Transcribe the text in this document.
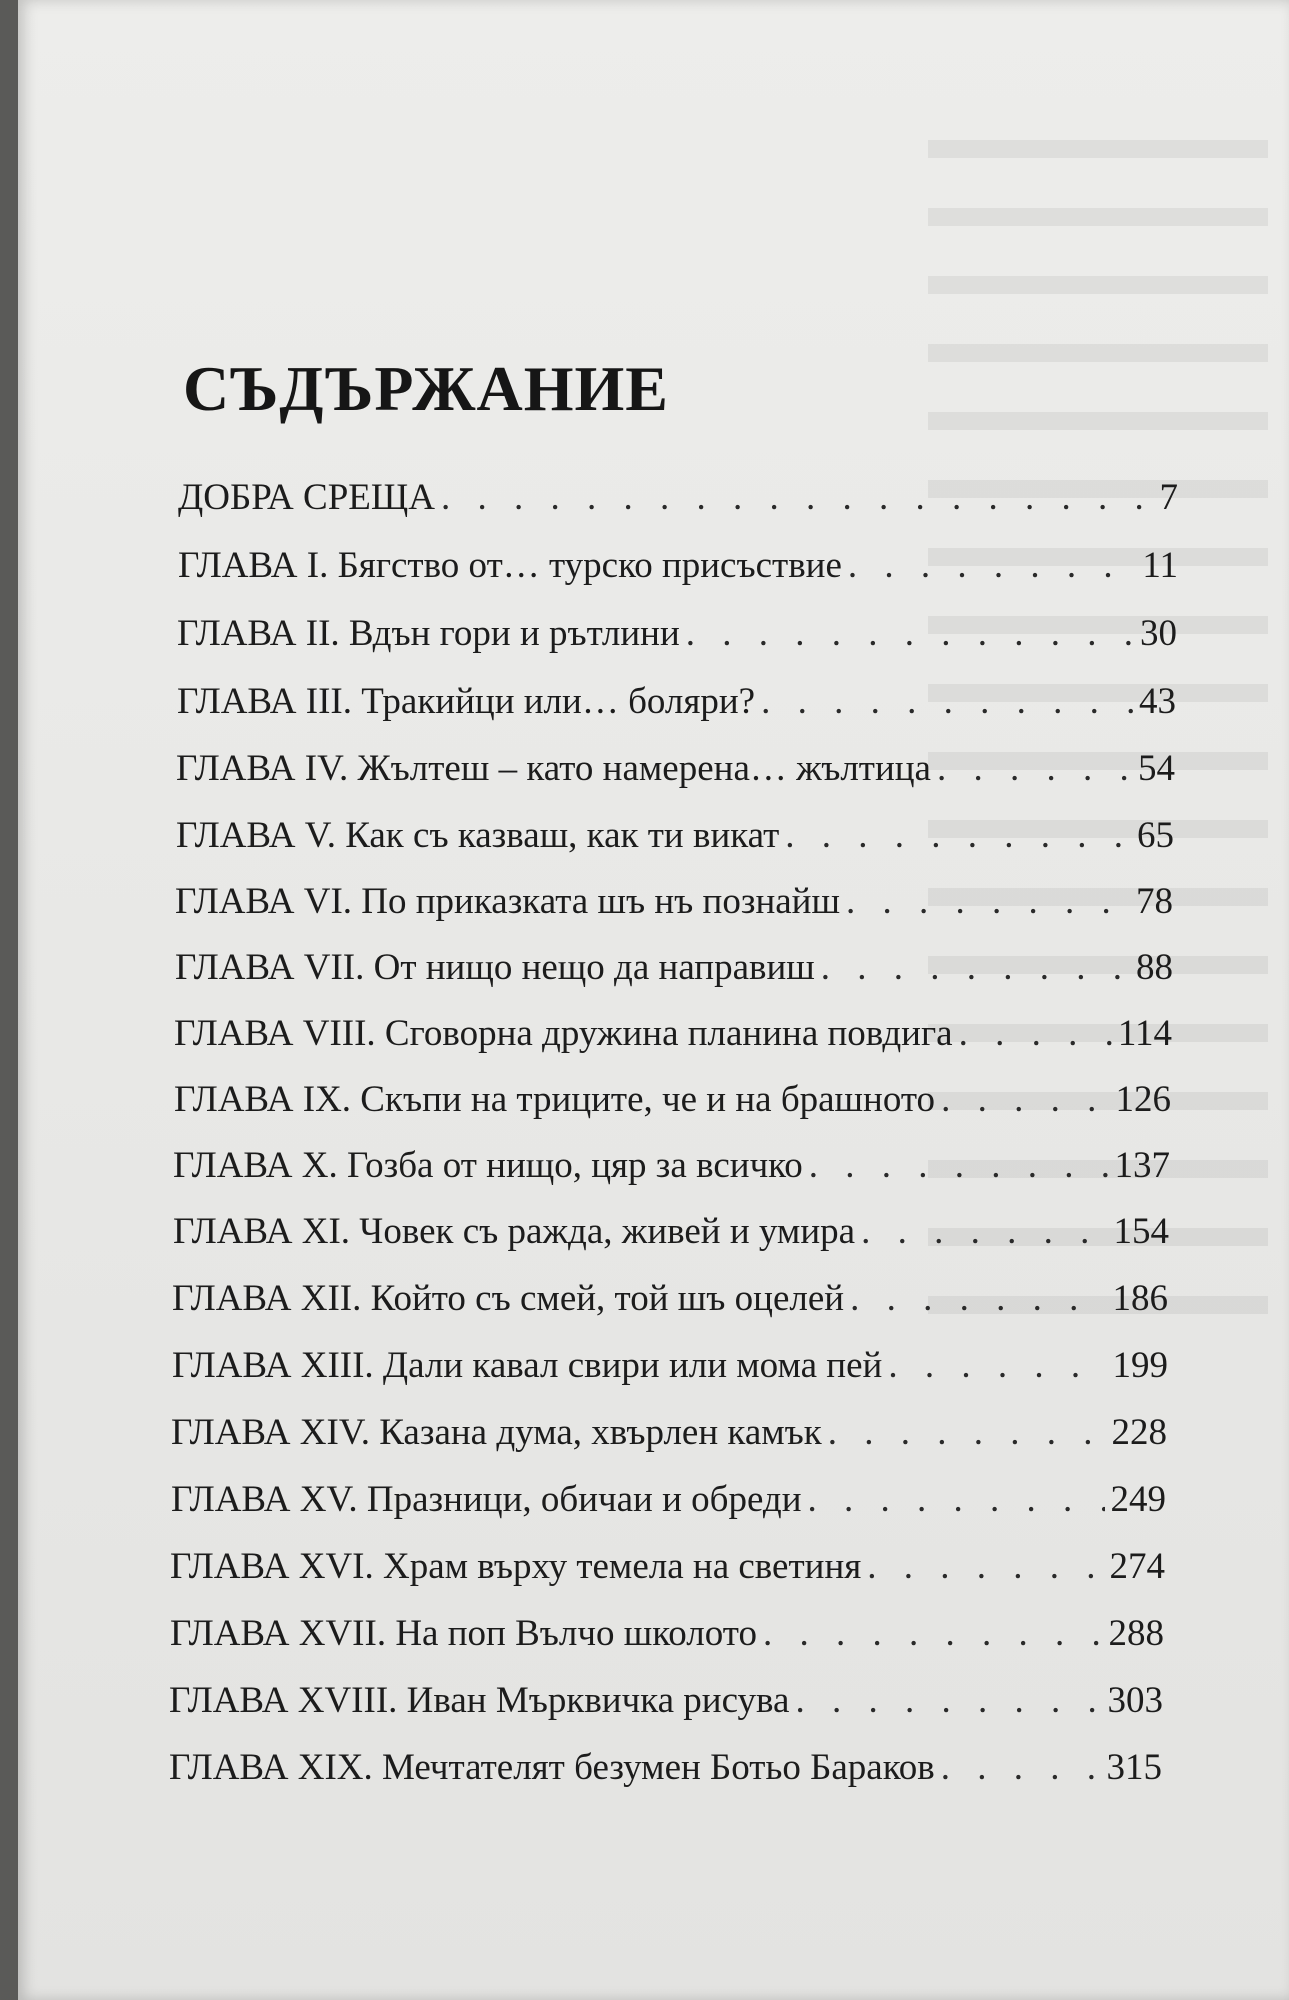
СЪДЪРЖАНИЕ
ДОБРА СРЕЩА . . .	7
ГЛАВА I. Бягство от… турско присъствие . . .	11
ГЛАВА II. Вдън гори и рътлини . . .	30
ГЛАВА III. Тракийци или… боляри? . . .	43
ГЛАВА IV. Жълтеш – като намерена… жълтица . . .	54
ГЛАВА V. Как съ казваш, как ти викат . . .	65
ГЛАВА VI. По приказката шъ нъ познайш . . .	78
ГЛАВА VII. От нищо нещо да направиш . . .	88
ГЛАВА VIII. Сговорна дружина планина повдига . . .	114
ГЛАВА IX. Скъпи на триците, че и на брашното . . .	126
ГЛАВА X. Гозба от нищо, цяр за всичко . . .	137
ГЛАВА XI. Човек съ ражда, живей и умира . . .	154
ГЛАВА XII. Който съ смей, той шъ оцелей . . .	186
ГЛАВА XIII. Дали кавал свири или мома пей . . .	199
ГЛАВА XIV. Казана дума, хвърлен камък . . .	228
ГЛАВА XV. Празници, обичаи и обреди . . .	249
ГЛАВА XVI. Храм върху темела на светиня . . .	274
ГЛАВА XVII. На поп Вълчо школото . . .	288
ГЛАВА XVIII. Иван Мърквичка рисува . . .	303
ГЛАВА XIX. Мечтателят безумен Ботьо Бараков . . .	315
